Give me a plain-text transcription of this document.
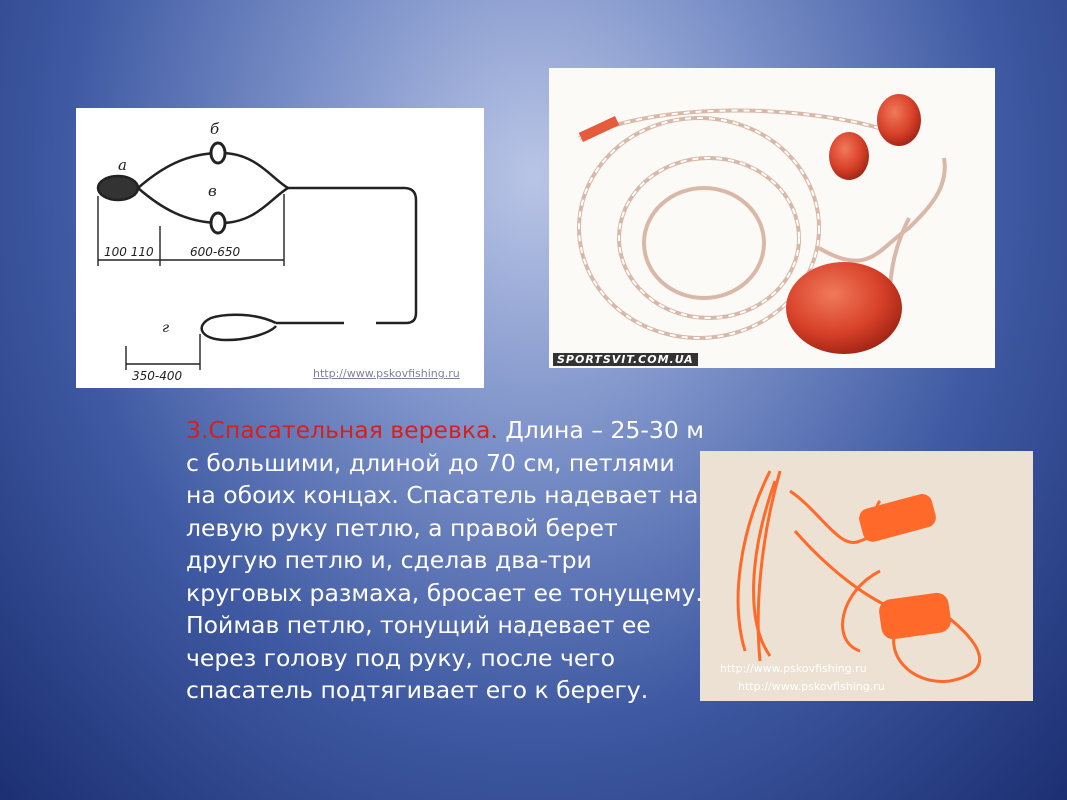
а
б
в
г
100 110	600-650
350-400	http://www.pskovfishing.ru
SPORTSVIT.COM.UA
http://www.pskovfishing.ru
http://www.pskovfishing.ru
3.Спасательная веревка. Длина – 25-30 м с большими, длиной до 70 см, петлями на обоих концах. Спасатель надевает на левую руку петлю, а правой берет другую петлю и, сделав два-три круговых размаха, бросает ее тонущему. Поймав петлю, тонущий надевает ее через голову под руку, после чего спасатель подтягивает его к берегу.
